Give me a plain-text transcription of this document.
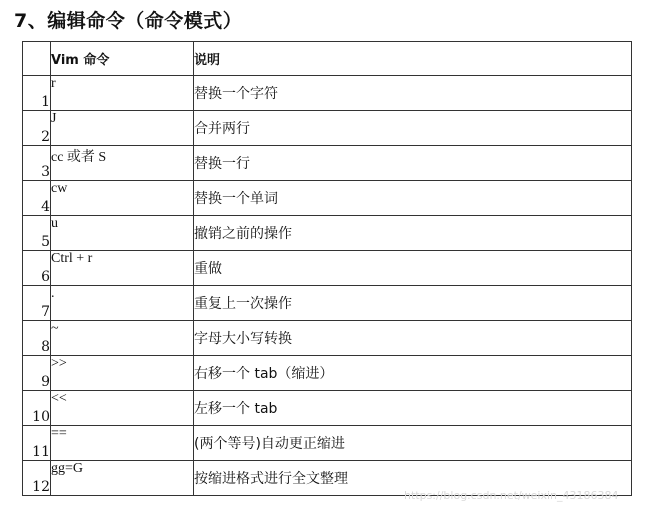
7、编辑命令（命令模式）
	Vim 命令	说明
1	r	替换一个字符
2	J	合并两行
3	cc 或者 S	替换一行
4	cw	替换一个单词
5	u	撤销之前的操作
6	Ctrl + r	重做
7	.	重复上一次操作
8	~	字母大小写转换
9	>>	右移一个 tab（缩进）
10	<<	左移一个 tab
11	==	(两个等号)自动更正缩进
12	gg=G	按缩进格式进行全文整理
https://blog.csdn.net/weixin_43186384
